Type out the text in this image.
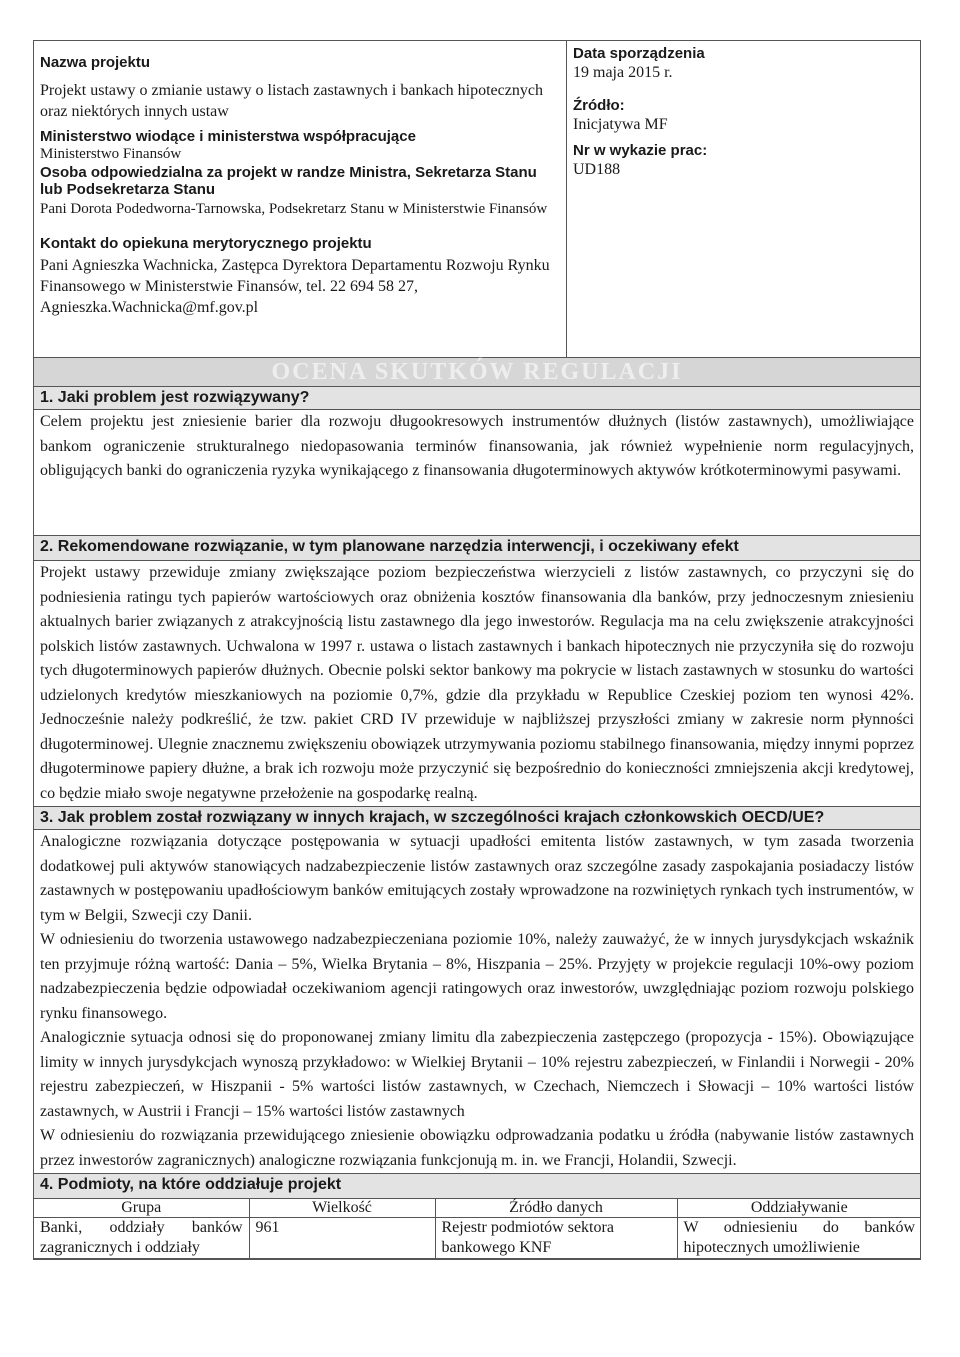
Nazwa projektu
Projekt ustawy o zmianie ustawy o listach zastawnych i bankach hipotecznych oraz niektórych innych ustaw
Ministerstwo wiodące i ministerstwa współpracujące
Ministerstwo Finansów
Osoba odpowiedzialna za projekt w randze Ministra, Sekretarza Stanu lub Podsekretarza Stanu
Pani Dorota Podedworna-Tarnowska, Podsekretarz Stanu w Ministerstwie Finansów
Kontakt do opiekuna merytorycznego projektu
Pani Agnieszka Wachnicka, Zastępca Dyrektora Departamentu Rozwoju Rynku Finansowego w Ministerstwie Finansów, tel. 22 694 58 27, Agnieszka.Wachnicka@mf.gov.pl

Data sporządzenia
19 maja 2015 r.
Źródło:
Inicjatywa MF
Nr w wykazie prac:
UD188

OCENA SKUTKÓW REGULACJI
1. Jaki problem jest rozwiązywany?

Celem projektu jest zniesienie barier dla rozwoju długookresowych instrumentów dłużnych (listów zastawnych), umożliwiające bankom ograniczenie strukturalnego niedopasowania terminów finansowania, jak również wypełnienie norm regulacyjnych, obligujących banki do ograniczenia ryzyka wynikającego z finansowania długoterminowych aktywów krótkoterminowymi pasywami.

2. Rekomendowane rozwiązanie, w tym planowane narzędzia interwencji, i oczekiwany efekt

Projekt ustawy przewiduje zmiany zwiększające poziom bezpieczeństwa wierzycieli z listów zastawnych, co przyczyni się do podniesienia ratingu tych papierów wartościowych oraz obniżenia kosztów finansowania dla banków, przy jednoczesnym zniesieniu aktualnych barier związanych z atrakcyjnością listu zastawnego dla jego inwestorów. Regulacja ma na celu zwiększenie atrakcyjności polskich listów zastawnych. Uchwalona w 1997 r. ustawa o listach zastawnych i bankach hipotecznych nie przyczyniła się do rozwoju tych długoterminowych papierów dłużnych. Obecnie polski sektor bankowy ma pokrycie w listach zastawnych w stosunku do wartości udzielonych kredytów mieszkaniowych na poziomie 0,7%, gdzie dla przykładu w Republice Czeskiej poziom ten wynosi 42%. Jednocześnie należy podkreślić, że tzw. pakiet CRD IV przewiduje w najbliższej przyszłości zmiany w zakresie norm płynności długoterminowej. Ulegnie znacznemu zwiększeniu obowiązek utrzymywania poziomu stabilnego finansowania, między innymi poprzez długoterminowe papiery dłużne, a brak ich rozwoju może przyczynić się bezpośrednio do konieczności zmniejszenia akcji kredytowej, co będzie miało swoje negatywne przełożenie na gospodarkę realną.

3. Jak problem został rozwiązany w innych krajach, w szczególności krajach członkowskich OECD/UE?

Analogiczne rozwiązania dotyczące postępowania w sytuacji upadłości emitenta listów zastawnych, w tym zasada tworzenia dodatkowej puli aktywów stanowiących nadzabezpieczenie listów zastawnych oraz szczególne zasady zaspokajania posiadaczy listów zastawnych w postępowaniu upadłościowym banków emitujących zostały wprowadzone na rozwiniętych rynkach tych instrumentów, w tym w Belgii, Szwecji czy Danii.

W odniesieniu do tworzenia ustawowego nadzabezpieczeniana poziomie 10%, należy zauważyć, że w innych jurysdykcjach wskaźnik ten przyjmuje różną wartość: Dania – 5%, Wielka Brytania – 8%, Hiszpania – 25%. Przyjęty w projekcie regulacji 10%-owy poziom nadzabezpieczenia będzie odpowiadał oczekiwaniom agencji ratingowych oraz inwestorów, uwzględniając poziom rozwoju polskiego rynku finansowego.

Analogicznie sytuacja odnosi się do proponowanej zmiany limitu dla zabezpieczenia zastępczego (propozycja - 15%). Obowiązujące limity w innych jurysdykcjach wynoszą przykładowo: w Wielkiej Brytanii – 10% rejestru zabezpieczeń, w Finlandii i Norwegii - 20% rejestru zabezpieczeń, w Hiszpanii - 5% wartości listów zastawnych, w Czechach, Niemczech i Słowacji – 10% wartości listów zastawnych, w Austrii i Francji – 15% wartości listów zastawnych

W odniesieniu do rozwiązania przewidującego zniesienie obowiązku odprowadzania podatku u źródła (nabywanie listów zastawnych przez inwestorów zagranicznych) analogiczne rozwiązania funkcjonują m. in. we Francji, Holandii, Szwecji.

4. Podmioty, na które oddziałuje projekt

Grupa	Wielkość	Źródło danych	Oddziaływanie
Banki, oddziały banków zagranicznych i oddziały	961	Rejestr podmiotów sektora bankowego KNF	W odniesieniu do banków hipotecznych umożliwienie
